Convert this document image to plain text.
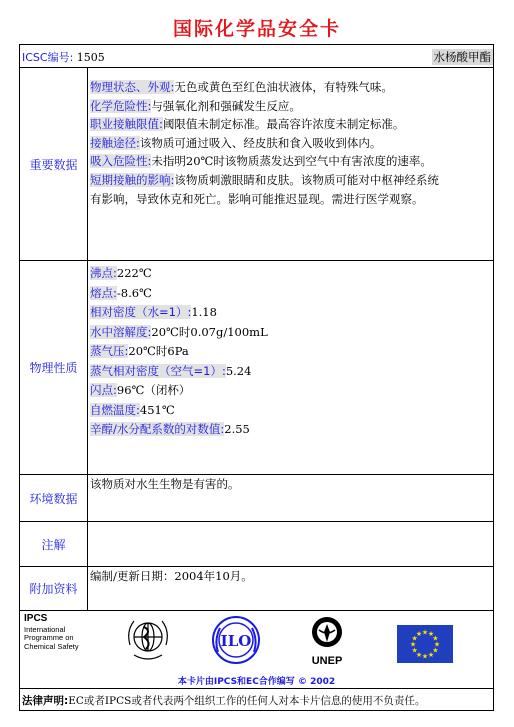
国际化学品安全卡
ICSC编号: 1505	水杨酸甲酯
重要数据
物理状态、外观:无色或黄色至红色油状液体，有特殊气味。
化学危险性:与强氧化剂和强碱发生反应。
职业接触限值:阈限值未制定标准。最高容许浓度未制定标准。
接触途径:该物质可通过吸入、经皮肤和食入吸收到体内。
吸入危险性:未指明20℃时该物质蒸发达到空气中有害浓度的速率。
短期接触的影响:该物质刺激眼睛和皮肤。该物质可能对中枢神经系统
有影响，导致休克和死亡。影响可能推迟显现。需进行医学观察。
物理性质
沸点:222℃
熔点:-8.6℃
相对密度（水=1）:1.18
水中溶解度:20℃时0.07g/100mL
蒸气压:20℃时6Pa
蒸气相对密度（空气=1）:5.24
闪点:96℃（闭杯）
自燃温度:451℃
辛醇/水分配系数的对数值:2.55
环境数据
该物质对水生生物是有害的。
注解
附加资料
编制/更新日期：2004年10月。
IPCS
International
Programme on
Chemical Safety	ILO
UNEP
★
★
★
★
★
★
★
★
★ ★ ★
★
本卡片由IPCS和EC合作编写 © 2002
法律声明:EC或者IPCS或者代表两个组织工作的任何人对本卡片信息的使用不负责任。
